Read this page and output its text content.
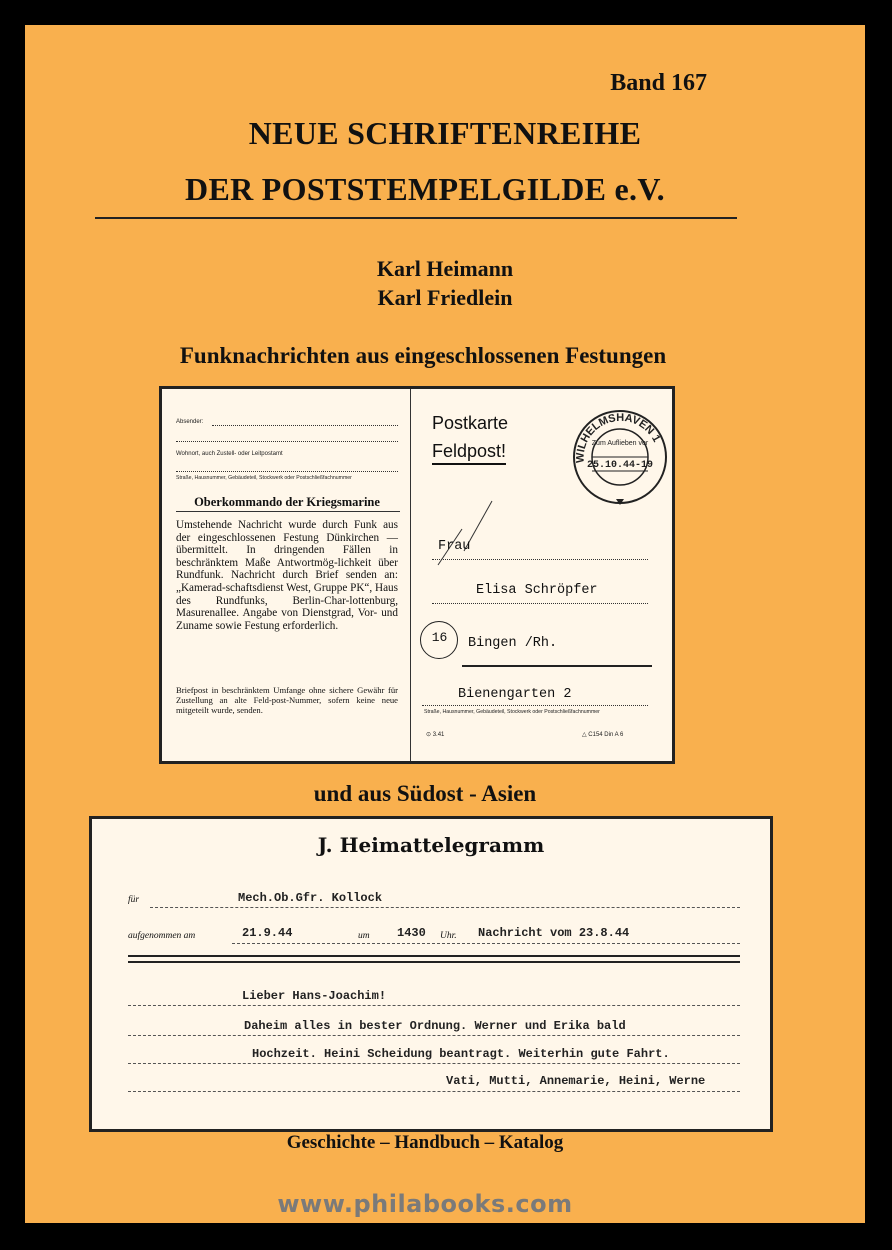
Band 167
NEUE SCHRIFTENREIHE
DER POSTSTEMPELGILDE e.V.
Karl Heimann
Karl Friedlein
Funknachrichten aus eingeschlossenen Festungen
Absender:
Wohnort, auch Zustell- oder Leitpostamt
Straße, Hausnummer, Gebäudeteil, Stockwerk oder Postschließfachnummer
Oberkommando der Kriegsmarine
Umstehende Nachricht wurde durch Funk aus der eingeschlossenen Festung Dünkirchen — übermittelt. In dringenden Fällen in beschränktem Maße Antwortmög-lichkeit über Rundfunk. Nachricht durch Brief senden an: „Kamerad-schaftsdienst West, Gruppe PK“, Haus des Rundfunks, Berlin-Char-lottenburg, Masurenallee. Angabe von Dienstgrad, Vor- und Zuname sowie Festung erforderlich.
Briefpost in beschränktem Umfange ohne sichere Gewähr für Zustellung an alte Feld-post-Nummer, sofern keine neue mitgeteilt wurde, senden.
Postkarte
Feldpost!	WILHELMSHAVEN 1
Zum Auflieben vor
25.10.44-19
Frau
Elisa Schröpfer
16	Bingen /Rh.
Bienengarten 2
Straße, Hausnummer, Gebäudeteil, Stockwerk oder Postschließfachnummer
⊙ 3.41	△ C154 Din A 6
und aus Südost - Asien
J. Heimattelegramm
für	Mech.Ob.Gfr. Kollock
aufgenommen am	21.9.44	um 1430 Uhr. Nachricht vom 23.8.44
Lieber Hans-Joachim!
Daheim alles in bester Ordnung. Werner und Erika bald
Hochzeit. Heini Scheidung beantragt. Weiterhin gute Fahrt.
Vati, Mutti, Annemarie, Heini, Werne
Geschichte – Handbuch – Katalog
www.philabooks.com
